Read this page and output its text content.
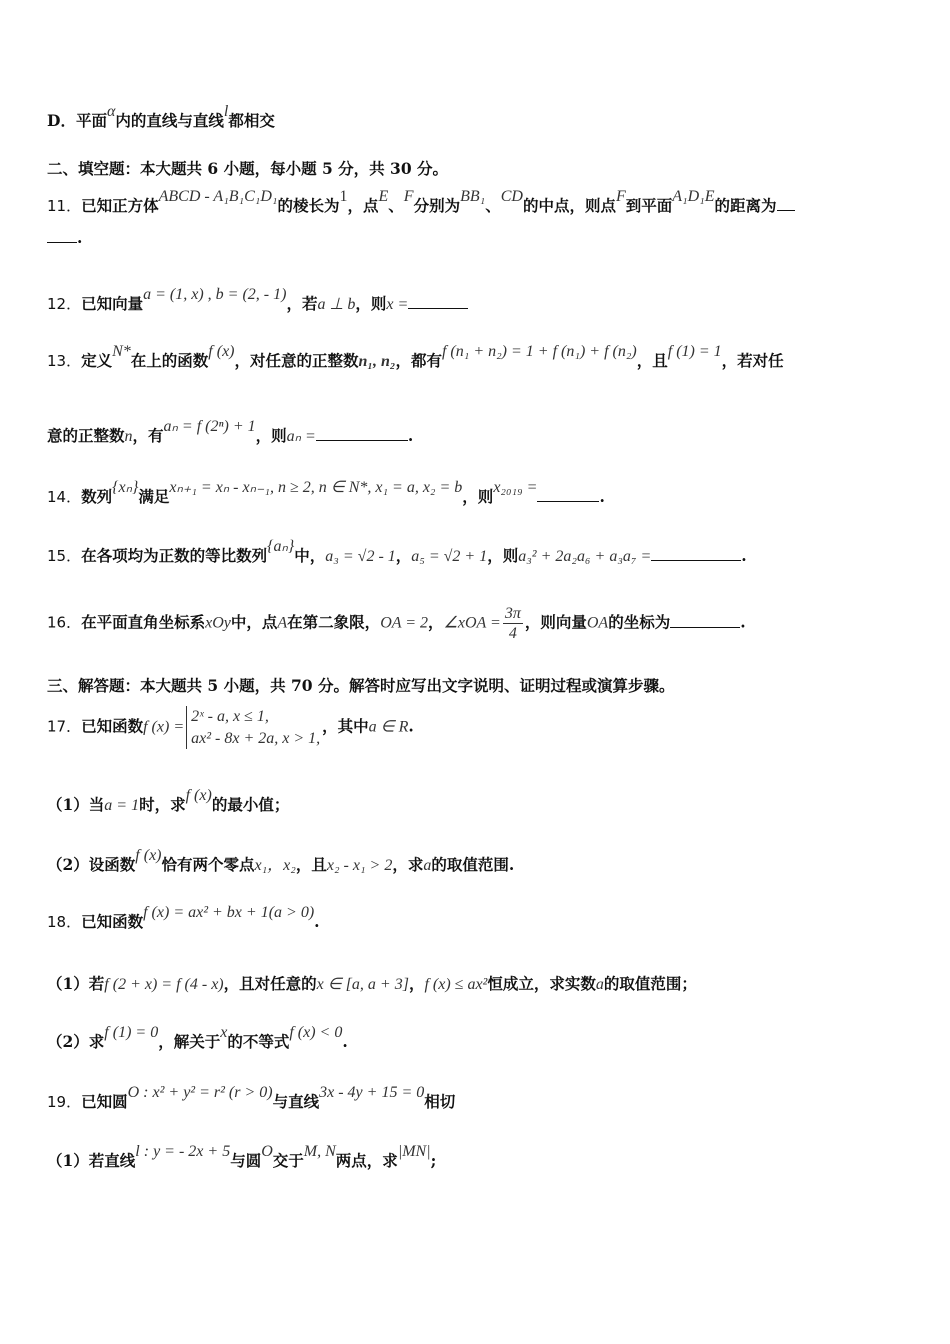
D．平面α内的直线与直线l都相交
二、填空题：本大题共 6 小题，每小题 5 分，共 30 分。
11．已知正方体ABCD - A₁B₁C₁D₁的棱长为1，点E、F分别为BB₁、CD的中点，则点F到平面A₁D₁E的距离为
.
12．已知向量a = (1, x) , b = (2, - 1)，若a ⊥ b，则x =
13．定义N*在上的函数f (x)，对任意的正整数n₁, n₂，都有f (n₁ + n₂) = 1 + f (n₁) + f (n₂)，且f (1) = 1，若对任
意的正整数n，有aₙ = f (2ⁿ) + 1，则aₙ =	.
14．数列{xₙ}满足xₙ₊₁ = xₙ - xₙ₋₁, n ≥ 2, n ∈ N*, x₁ = a, x₂ = b，则x₂₀₁₉ =	.
15．在各项均为正数的等比数列{aₙ}中，a₃ = √2 - 1，a₅ = √2 + 1，则a₃² + 2a₂a₆ + a₃a₇ =	.
16．在平面直角坐标系xOy中，点A在第二象限，OA = 2，∠xOA = $\frac{3\pi}{4}$ ，则向量OA的坐标为	.
三、解答题：本大题共 5 小题，共 70 分。解答时应写出文字说明、证明过程或演算步骤。
17．已知函数f (x) =
2ˣ - a, x ≤ 1,
ax² - 8x + 2a, x > 1,
，其中a ∈ R.
（1）当a = 1时，求f (x)的最小值；
（2）设函数f (x)恰有两个零点x₁，x₂，且x₂ - x₁ > 2，求a的取值范围.
18．已知函数f (x) = ax² + bx + 1(a > 0).
（1）若f (2 + x) = f (4 - x)，且对任意的x ∈ [a, a + 3]，f (x) ≤ ax²恒成立，求实数a的取值范围；
（2）求f (1) = 0，解关于x的不等式f (x) < 0.
19．已知圆O : x² + y² = r² (r > 0)与直线3x - 4y + 15 = 0相切
（1）若直线l : y = - 2x + 5与圆O交于M, N两点，求|MN|;
